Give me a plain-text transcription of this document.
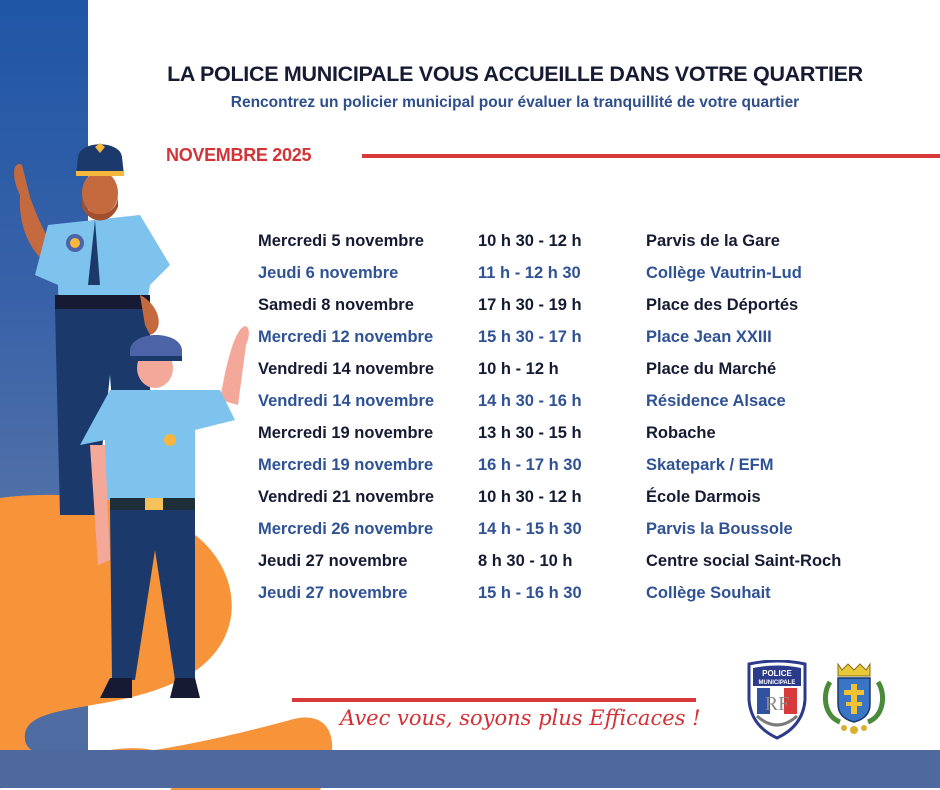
LA POLICE MUNICIPALE VOUS ACCUEILLE DANS VOTRE QUARTIER
Rencontrez un policier municipal pour évaluer la tranquillité de votre quartier
NOVEMBRE 2025
Mercredi 5 novembre	10 h 30 - 12 h	Parvis de la Gare
Jeudi 6 novembre	11 h - 12 h 30	Collège Vautrin-Lud
Samedi 8 novembre	17 h 30 - 19 h	Place des Déportés
Mercredi 12 novembre	15 h 30 - 17 h	Place Jean XXIII
Vendredi 14 novembre	10 h - 12 h	Place du Marché
Vendredi 14 novembre	14 h 30 - 16 h	Résidence Alsace
Mercredi 19 novembre	13 h 30 - 15 h	Robache
Mercredi 19 novembre	16 h - 17 h 30	Skatepark / EFM
Vendredi 21 novembre	10 h 30 - 12 h	École Darmois
Mercredi 26 novembre	14 h - 15 h 30	Parvis la Boussole
Jeudi 27 novembre	8 h 30 - 10 h	Centre social Saint-Roch
Jeudi 27 novembre	15 h - 16 h 30	Collège Souhait
Avec vous, soyons plus Efficaces !
POLICE
MUNICIPALE
RF
